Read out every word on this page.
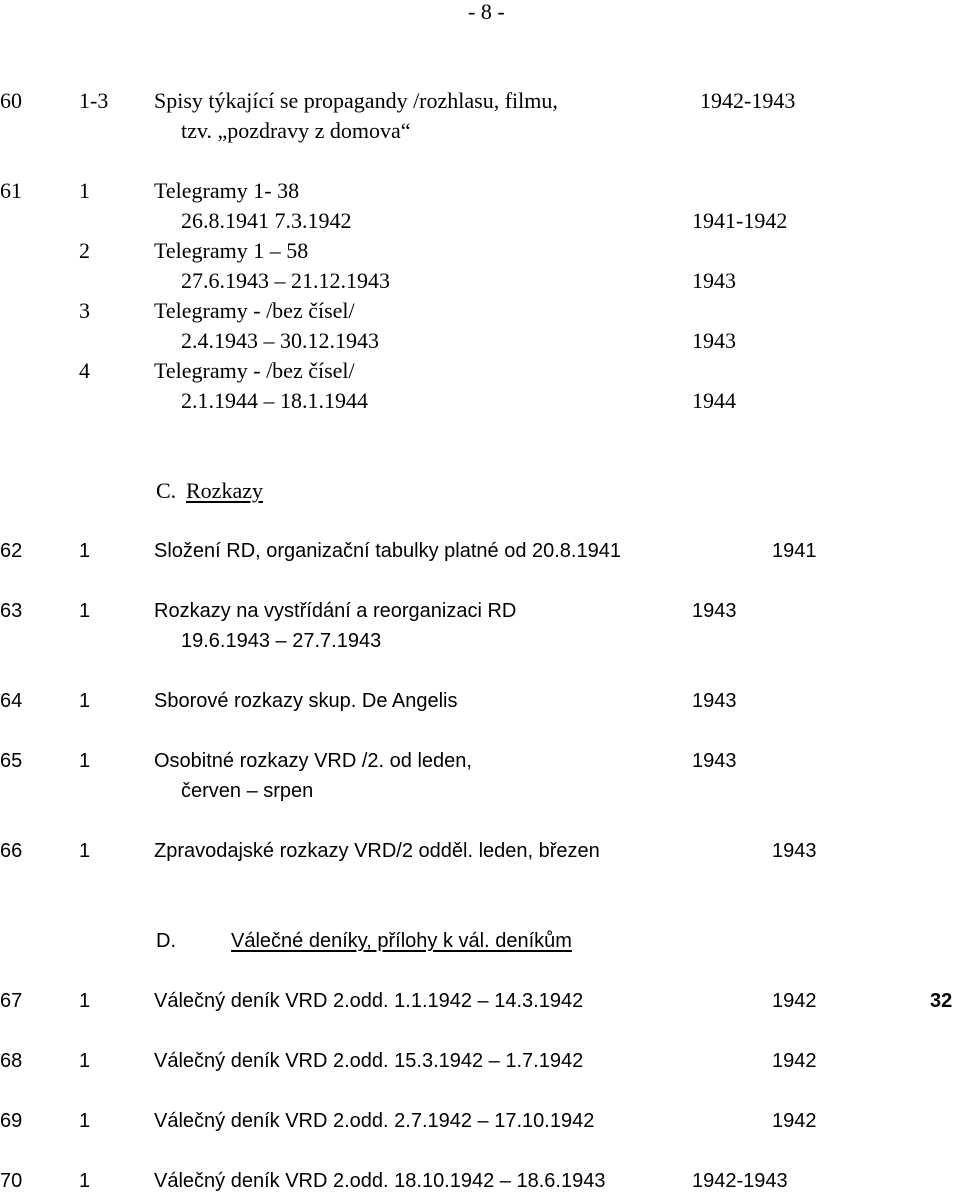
- 8 -
60	1-3 Spisy týkající se propagandy /rozhlasu, filmu,	1942-1943
tzv. „pozdravy z domova“
61	1	Telegramy 1- 38
26.8.1941 7.3.1942	1941-1942
2	Telegramy 1 – 58
27.6.1943 – 21.12.1943	1943
3	Telegramy - /bez čísel/
2.4.1943 – 30.12.1943	1943
4	Telegramy - /bez čísel/
2.1.1944 – 18.1.1944	1944
C. Rozkazy
62	1	Složení RD, organizační tabulky platné od 20.8.1941	1941
63	1	Rozkazy na vystřídání a reorganizaci RD	1943
19.6.1943 – 27.7.1943
64	1	Sborové rozkazy skup. De Angelis	1943
65	1	Osobitné rozkazy VRD /2. od leden,	1943
červen – srpen
66	1	Zpravodajské rozkazy VRD/2 odděl. leden, březen	1943
D.	Válečné deníky, přílohy k vál. deníkům
67	1	Válečný deník VRD 2.odd. 1.1.1942 – 14.3.1942	1942	32
68	1	Válečný deník VRD 2.odd. 15.3.1942 – 1.7.1942	1942
69	1	Válečný deník VRD 2.odd. 2.7.1942 – 17.10.1942	1942
70	1	Válečný deník VRD 2.odd. 18.10.1942 – 18.6.1943	1942-1943
